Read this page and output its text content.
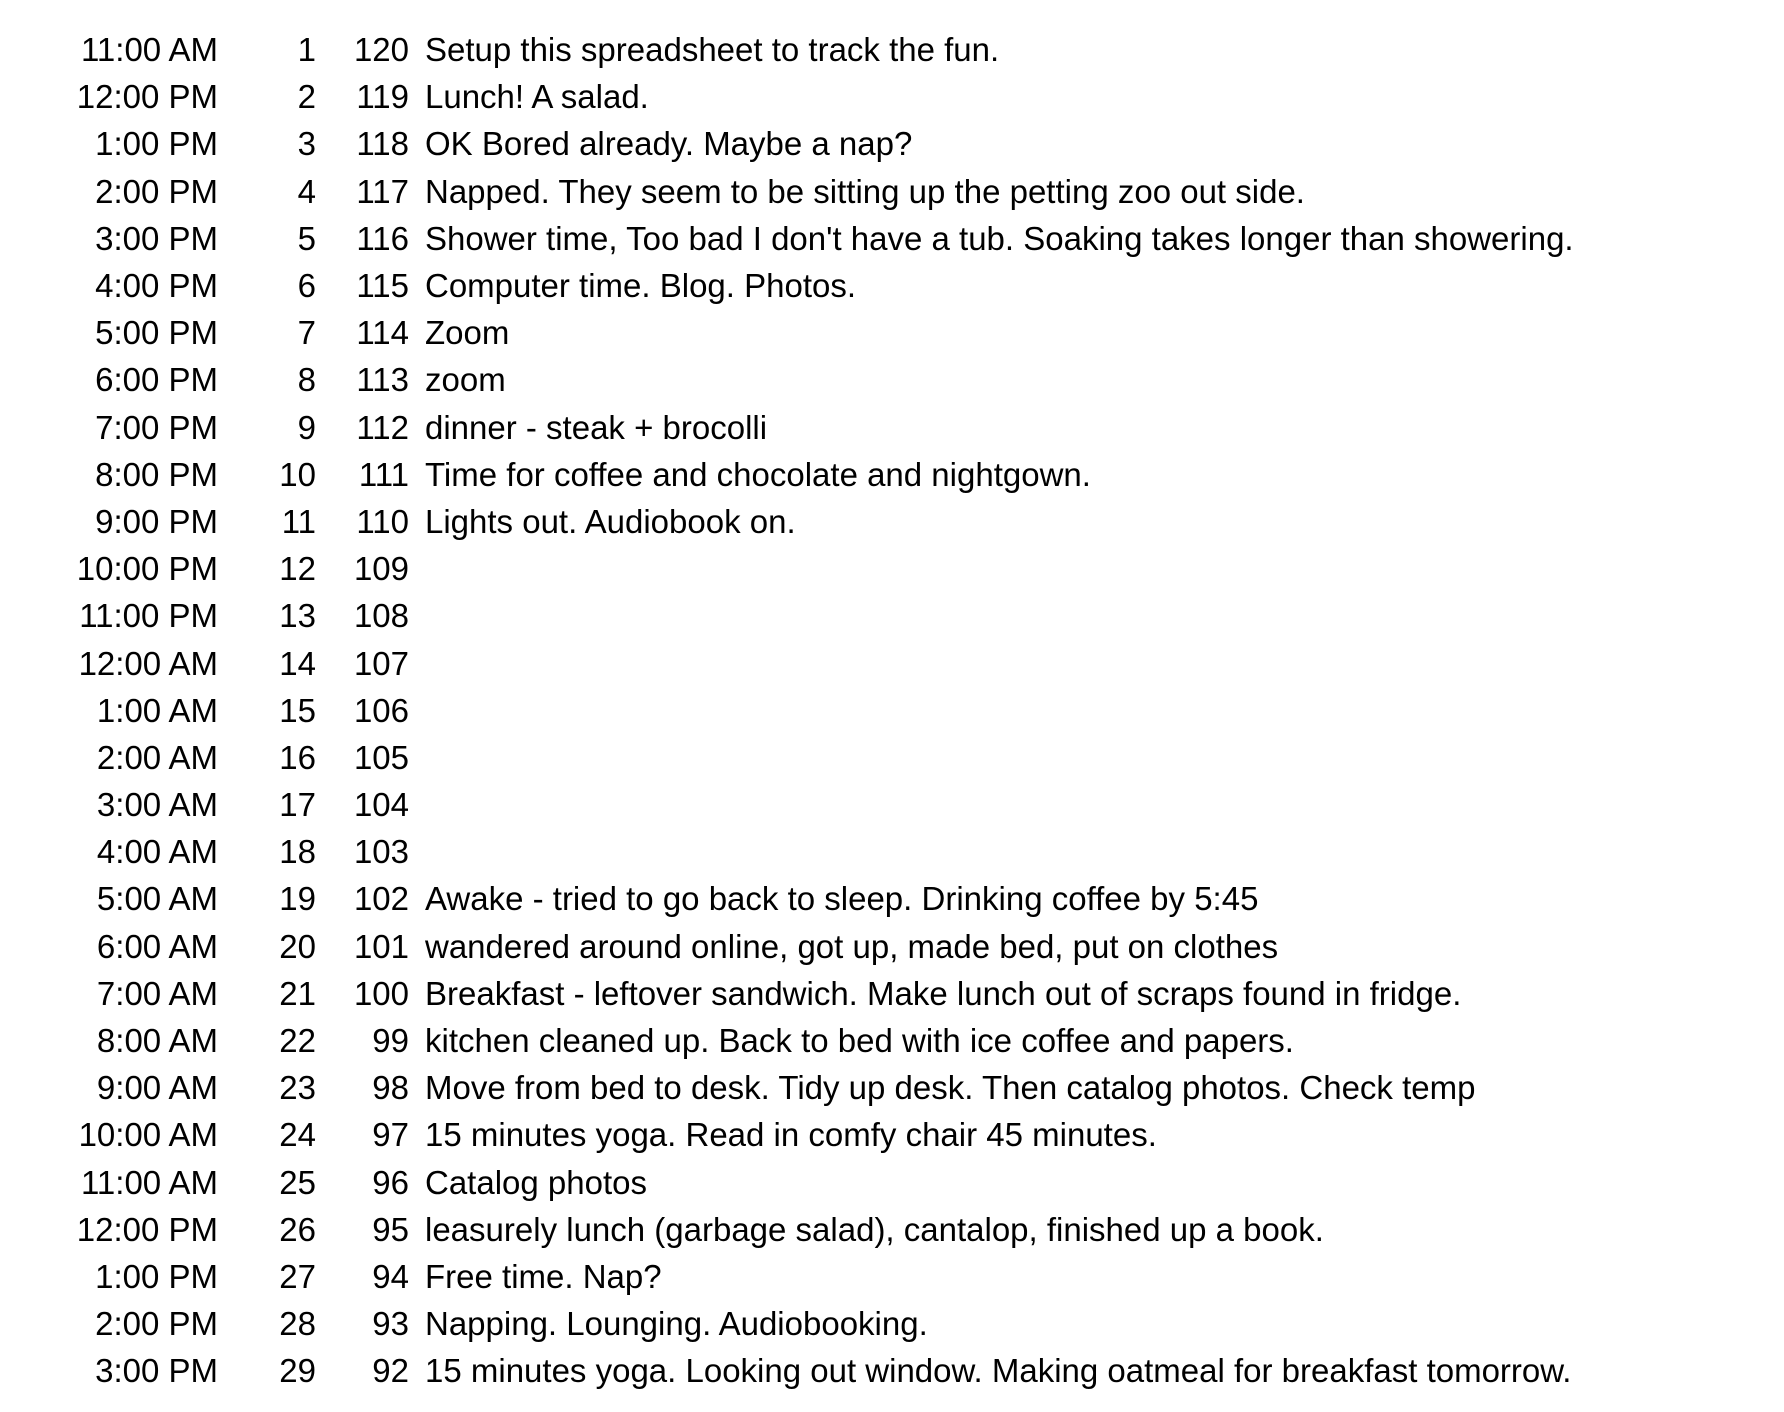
11:00 AM	1	120 Setup this spreadsheet to track the fun.
12:00 PM	2	119 Lunch! A salad.
1:00 PM	3	118 OK Bored already. Maybe a nap?
2:00 PM	4	117 Napped. They seem to be sitting up the petting zoo out side.
3:00 PM	5	116 Shower time, Too bad I don't have a tub. Soaking takes longer than showering.
4:00 PM	6	115 Computer time. Blog. Photos.
5:00 PM	7	114 Zoom
6:00 PM	8	113 zoom
7:00 PM	9	112 dinner - steak + brocolli
8:00 PM	10	111 Time for coffee and chocolate and nightgown.
9:00 PM	11	110 Lights out. Audiobook on.
10:00 PM	12	109
11:00 PM	13	108
12:00 AM	14	107
1:00 AM	15	106
2:00 AM	16	105
3:00 AM	17	104
4:00 AM	18	103
5:00 AM	19	102 Awake - tried to go back to sleep. Drinking coffee by 5:45
6:00 AM	20	101 wandered around online, got up, made bed, put on clothes
7:00 AM	21	100 Breakfast - leftover sandwich. Make lunch out of scraps found in fridge.
8:00 AM	22	99 kitchen cleaned up. Back to bed with ice coffee and papers.
9:00 AM	23	98 Move from bed to desk. Tidy up desk. Then catalog photos. Check temp
10:00 AM	24	97 15 minutes yoga. Read in comfy chair 45 minutes.
11:00 AM	25	96 Catalog photos
12:00 PM	26	95 leasurely lunch (garbage salad), cantalop, finished up a book.
1:00 PM	27	94 Free time. Nap?
2:00 PM	28	93 Napping. Lounging. Audiobooking.
3:00 PM	29	92 15 minutes yoga. Looking out window. Making oatmeal for breakfast tomorrow.
